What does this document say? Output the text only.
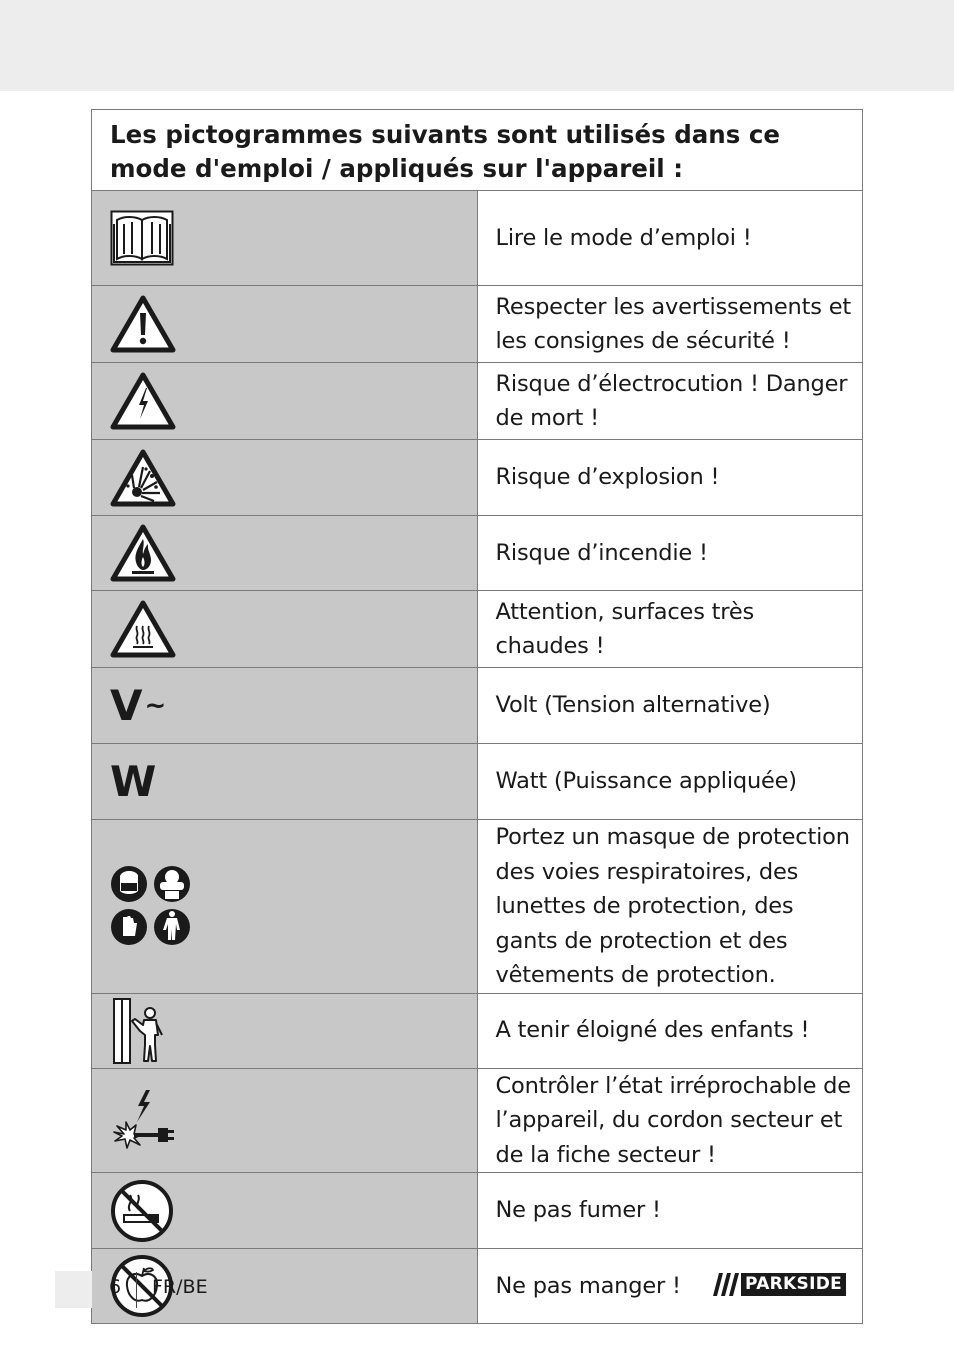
Les pictogrammes suivants sont utilisés dans ce mode d'emploi / appliqués sur l'appareil :	

	Lire le mode d’emploi !

	Respecter les avertissements et les consignes de sécurité !

	Risque d’électrocution ! Danger de mort !

	Risque d’explosion !

	Risque d’incendie !

	Attention, surfaces très chaudes !

V ~	Volt (Tension alternative)

W	Watt (Puissance appliquée)

	Portez un masque de protection des voies respiratoires, des lunettes de protection, des gants de protection et des vêtements de protection.

	A tenir éloigné des enfants !

	Contrôler l’état irréprochable de l’appareil, du cordon secteur et de la fiche secteur !

	Ne pas fumer !

	Ne pas manger !
6 FR/BE	PARKSIDE
